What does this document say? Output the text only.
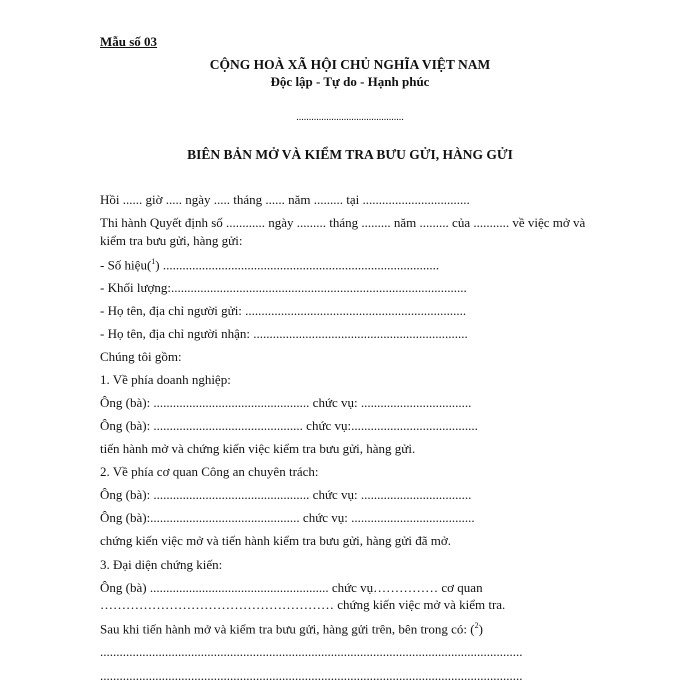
Mẫu số 03
CỘNG HOÀ XÃ HỘI CHỦ NGHĨA VIỆT NAM
Độc lập - Tự do - Hạnh phúc
...........................................
BIÊN BẢN MỞ VÀ KIỂM TRA BƯU GỬI, HÀNG GỬI
Hồi ...... giờ ..... ngày ..... tháng ...... năm ......... tại .................................
Thi hành Quyết định số ............ ngày ......... tháng ......... năm ......... của ........... về việc mở và
kiểm tra bưu gửi, hàng gửi:
- Số hiệu($^1$) .....................................................................................
- Khối lượng:...........................................................................................
- Họ tên, địa chỉ người gửi: ....................................................................
- Họ tên, địa chỉ người nhận: ..................................................................
Chúng tôi gồm:
1. Về phía doanh nghiệp:
Ông (bà): ................................................ chức vụ: ..................................
Ông (bà): .............................................. chức vụ:.......................................
tiến hành mở và chứng kiến việc kiểm tra bưu gửi, hàng gửi.
2. Về phía cơ quan Công an chuyên trách:
Ông (bà): ................................................ chức vụ: ..................................
Ông (bà):.............................................. chức vụ: ......................................
chứng kiến việc mở và tiến hành kiểm tra bưu gửi, hàng gửi đã mở.
3. Đại diện chứng kiến:
Ông (bà) ....................................................... chức vụ…………… cơ quan
……………………………………………… chứng kiến việc mở và kiểm tra.
Sau khi tiến hành mở và kiểm tra bưu gửi, hàng gửi trên, bên trong có: ($^2$)
..................................................................................................................................
..................................................................................................................................
